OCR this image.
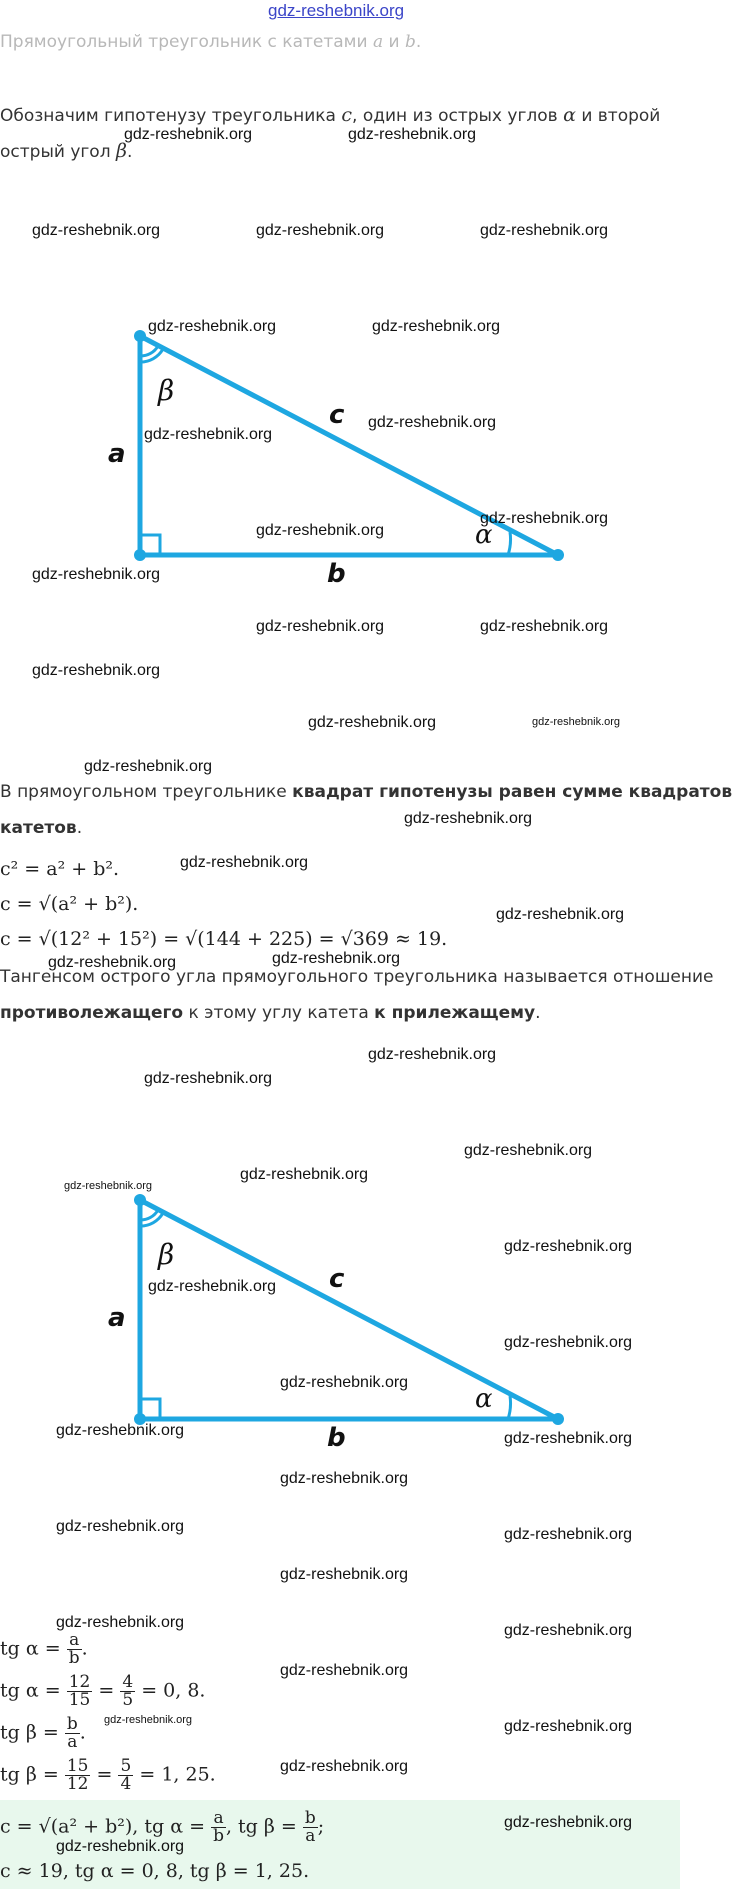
gdz-reshebnik.org
Прямоугольный треугольник с катетами a и b.
Обозначим гипотенузу треугольника c, один из острых углов α и второй
острый угол β.
a
b
c
α
β
В прямоугольном треугольнике квадрат гипотенузы равен сумме квадратов
катетов.
c² = a² + b².
c = √(a² + b²).
c = √(12² + 15²) = √(144 + 225) = √369 ≈ 19.
Тангенсом острого угла прямоугольного треугольника называется отношение
противолежащего к этому углу катета к прилежащему.
a
b
c
α
β
tg $\alpha = \frac{a}{b}$ .
tg $\alpha = \frac{12}{15} = \frac{4}{5} = 0$, 8.
tg $\beta = \frac{b}{a}$ .
tg $\beta = \frac{15}{12} = \frac{5}{4} = 1$, 25.
c = √(a² + b²), tg $\alpha = \frac{a}{b}$ , tg $\beta = \frac{b}{a}$ ;
c ≈ 19, tg α = 0, 8, tg β = 1, 25.
gdz-reshebnik.org	gdz-reshebnik.org
gdz-reshebnik.org	gdz-reshebnik.org	gdz-reshebnik.org
gdz-reshebnik.org	gdz-reshebnik.org
gdz-reshebnik.org
gdz-reshebnik.org
gdz-reshebnik.org
gdz-reshebnik.org
gdz-reshebnik.org
gdz-reshebnik.org	gdz-reshebnik.org
gdz-reshebnik.org
gdz-reshebnik.org	gdz-reshebnik.org
gdz-reshebnik.org
gdz-reshebnik.org
gdz-reshebnik.org
gdz-reshebnik.org
gdz-reshebnik.org	gdz-reshebnik.org
gdz-reshebnik.org
gdz-reshebnik.org
gdz-reshebnik.org
gdz-reshebnik.org
gdz-reshebnik.org
gdz-reshebnik.org
gdz-reshebnik.org
gdz-reshebnik.org
gdz-reshebnik.org
gdz-reshebnik.org	gdz-reshebnik.org
gdz-reshebnik.org
gdz-reshebnik.org	gdz-reshebnik.org
gdz-reshebnik.org
gdz-reshebnik.org	gdz-reshebnik.org
gdz-reshebnik.org
gdz-reshebnik.org	gdz-reshebnik.org
gdz-reshebnik.org
gdz-reshebnik.org
gdz-reshebnik.org
